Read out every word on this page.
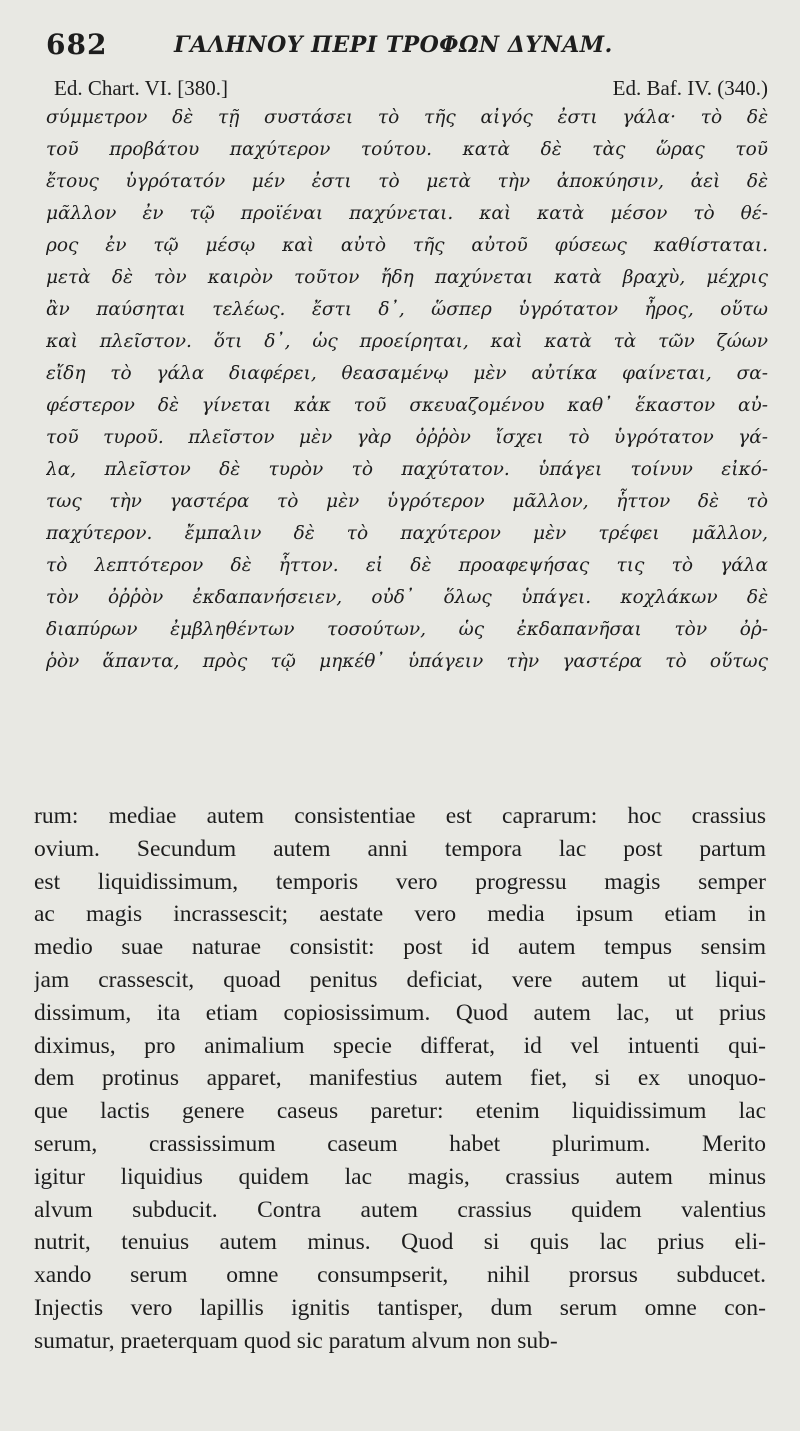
682	ΓΑΛΗΝΟΥ ΠΕΡΙ ΤΡΟΦΩΝ ΔΥΝΑΜ.
Ed. Chart. VI. [380.]	Ed. Baf. IV. (340.)
σύμμετρον δὲ τῇ συστάσει τὸ τῆς αἰγός ἐστι γάλα· τὸ δὲ
τοῦ προβάτου παχύτερον τούτου. κατὰ δὲ τὰς ὥρας τοῦ
ἔτους ὑγρότατόν μέν ἐστι τὸ μετὰ τὴν ἀποκύησιν, ἀεὶ δὲ
μᾶλλον ἐν τῷ προϊέναι παχύνεται. καὶ κατὰ μέσον τὸ θέ-
ρος ἐν τῷ μέσῳ καὶ αὐτὸ τῆς αὐτοῦ φύσεως καθίσταται.
μετὰ δὲ τὸν καιρὸν τοῦτον ἤδη παχύνεται κατὰ βραχὺ, μέχρις
ἂν παύσηται τελέως. ἔστι δ᾿, ὥσπερ ὑγρότατον ἦρος, οὕτω
καὶ πλεῖστον. ὅτι δ᾿, ὡς προείρηται, καὶ κατὰ τὰ τῶν ζώων
εἴδη τὸ γάλα διαφέρει, θεασαμένῳ μὲν αὐτίκα φαίνεται, σα-
φέστερον δὲ γίνεται κἀκ τοῦ σκευαζομένου καθ᾿ ἕκαστον αὐ-
τοῦ τυροῦ. πλεῖστον μὲν γὰρ ὀῤῥὸν ἴσχει τὸ ὑγρότατον γά-
λα, πλεῖστον δὲ τυρὸν τὸ παχύτατον. ὑπάγει τοίνυν εἰκό-
τως τὴν γαστέρα τὸ μὲν ὑγρότερον μᾶλλον, ἧττον δὲ τὸ
παχύτερον. ἔμπαλιν δὲ τὸ παχύτερον μὲν τρέφει μᾶλλον,
τὸ λεπτότερον δὲ ἧττον. εἰ δὲ προαφεψήσας τις τὸ γάλα
τὸν ὀῤῥὸν ἐκδαπανήσειεν, οὐδ᾿ ὅλως ὑπάγει. κοχλάκων δὲ
διαπύρων ἐμβληθέντων τοσούτων, ὡς ἐκδαπανῆσαι τὸν ὀῤ-
ῥὸν ἅπαντα, πρὸς τῷ μηκέθ᾿ ὑπάγειν τὴν γαστέρα τὸ οὕτως
rum: mediae autem consistentiae est caprarum: hoc crassius
ovium. Secundum autem anni tempora lac post partum
est liquidissimum, temporis vero progressu magis semper
ac magis incrassescit; aestate vero media ipsum etiam in
medio suae naturae consistit: post id autem tempus sensim
jam crassescit, quoad penitus deficiat, vere autem ut liqui-
dissimum, ita etiam copiosissimum. Quod autem lac, ut prius
diximus, pro animalium specie differat, id vel intuenti qui-
dem protinus apparet, manifestius autem fiet, si ex unoquo-
que lactis genere caseus paretur: etenim liquidissimum lac
serum, crassissimum caseum habet plurimum. Merito
igitur liquidius quidem lac magis, crassius autem minus
alvum subducit. Contra autem crassius quidem valentius
nutrit, tenuius autem minus. Quod si quis lac prius eli-
xando serum omne consumpserit, nihil prorsus subducet.
Injectis vero lapillis ignitis tantisper, dum serum omne con-
sumatur, praeterquam quod sic paratum alvum non sub-
